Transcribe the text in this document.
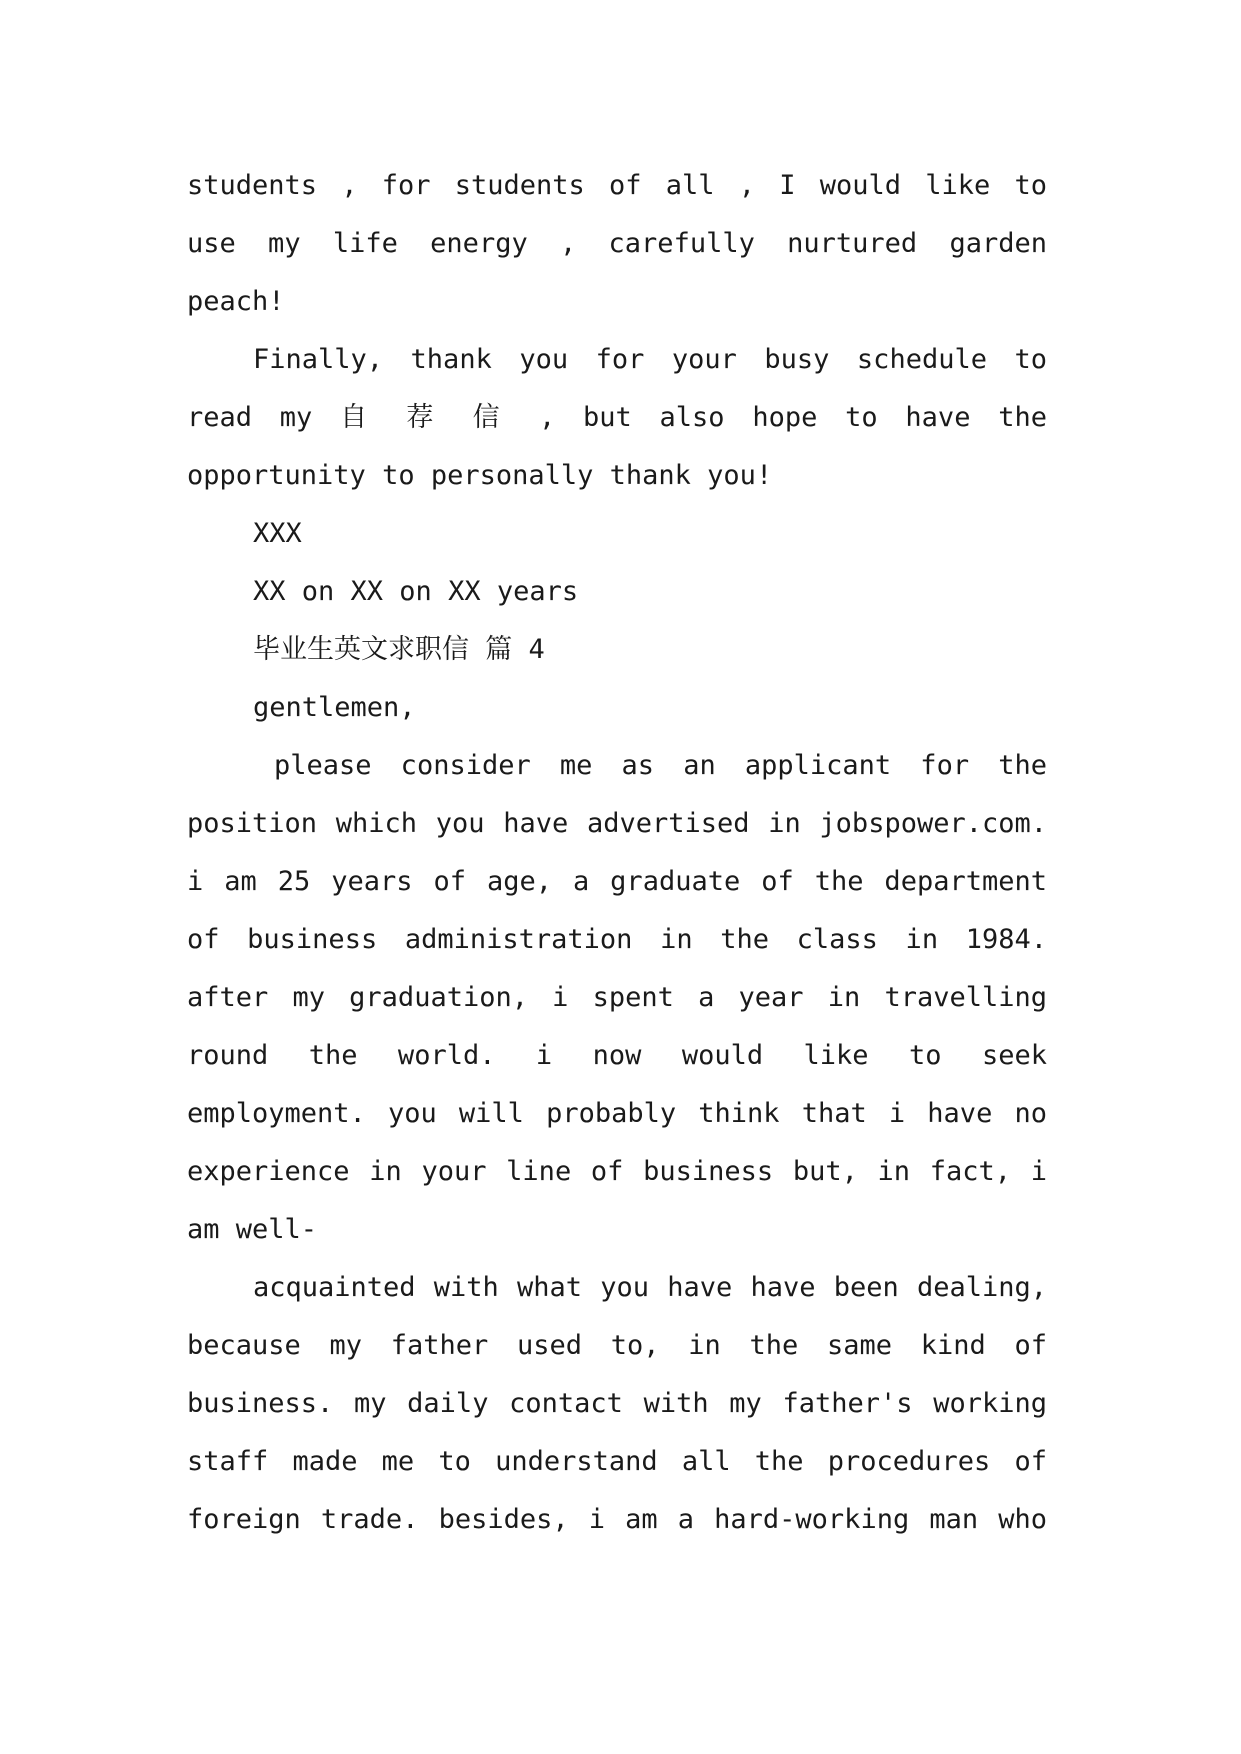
students , for students of all , I would like to
use my life energy , carefully nurtured garden
peach!
Finally, thank you for your busy schedule to
read my 自 荐 信 , but also hope to have the
opportunity to personally thank you!
XXX
XX on XX on XX years
毕业生英文求职信 篇 4
gentlemen,
please consider me as an applicant for the
position which you have advertised in jobspower.com.
i am 25 years of age, a graduate of the department
of business administration in the class in 1984.
after my graduation, i spent a year in travelling
round the world. i now would like to seek
employment. you will probably think that i have no
experience in your line of business but, in fact, i
am well-
acquainted with what you have have been dealing,
because my father used to, in the same kind of
business. my daily contact with my father's working
staff made me to understand all the procedures of
foreign trade. besides, i am a hard-working man who
